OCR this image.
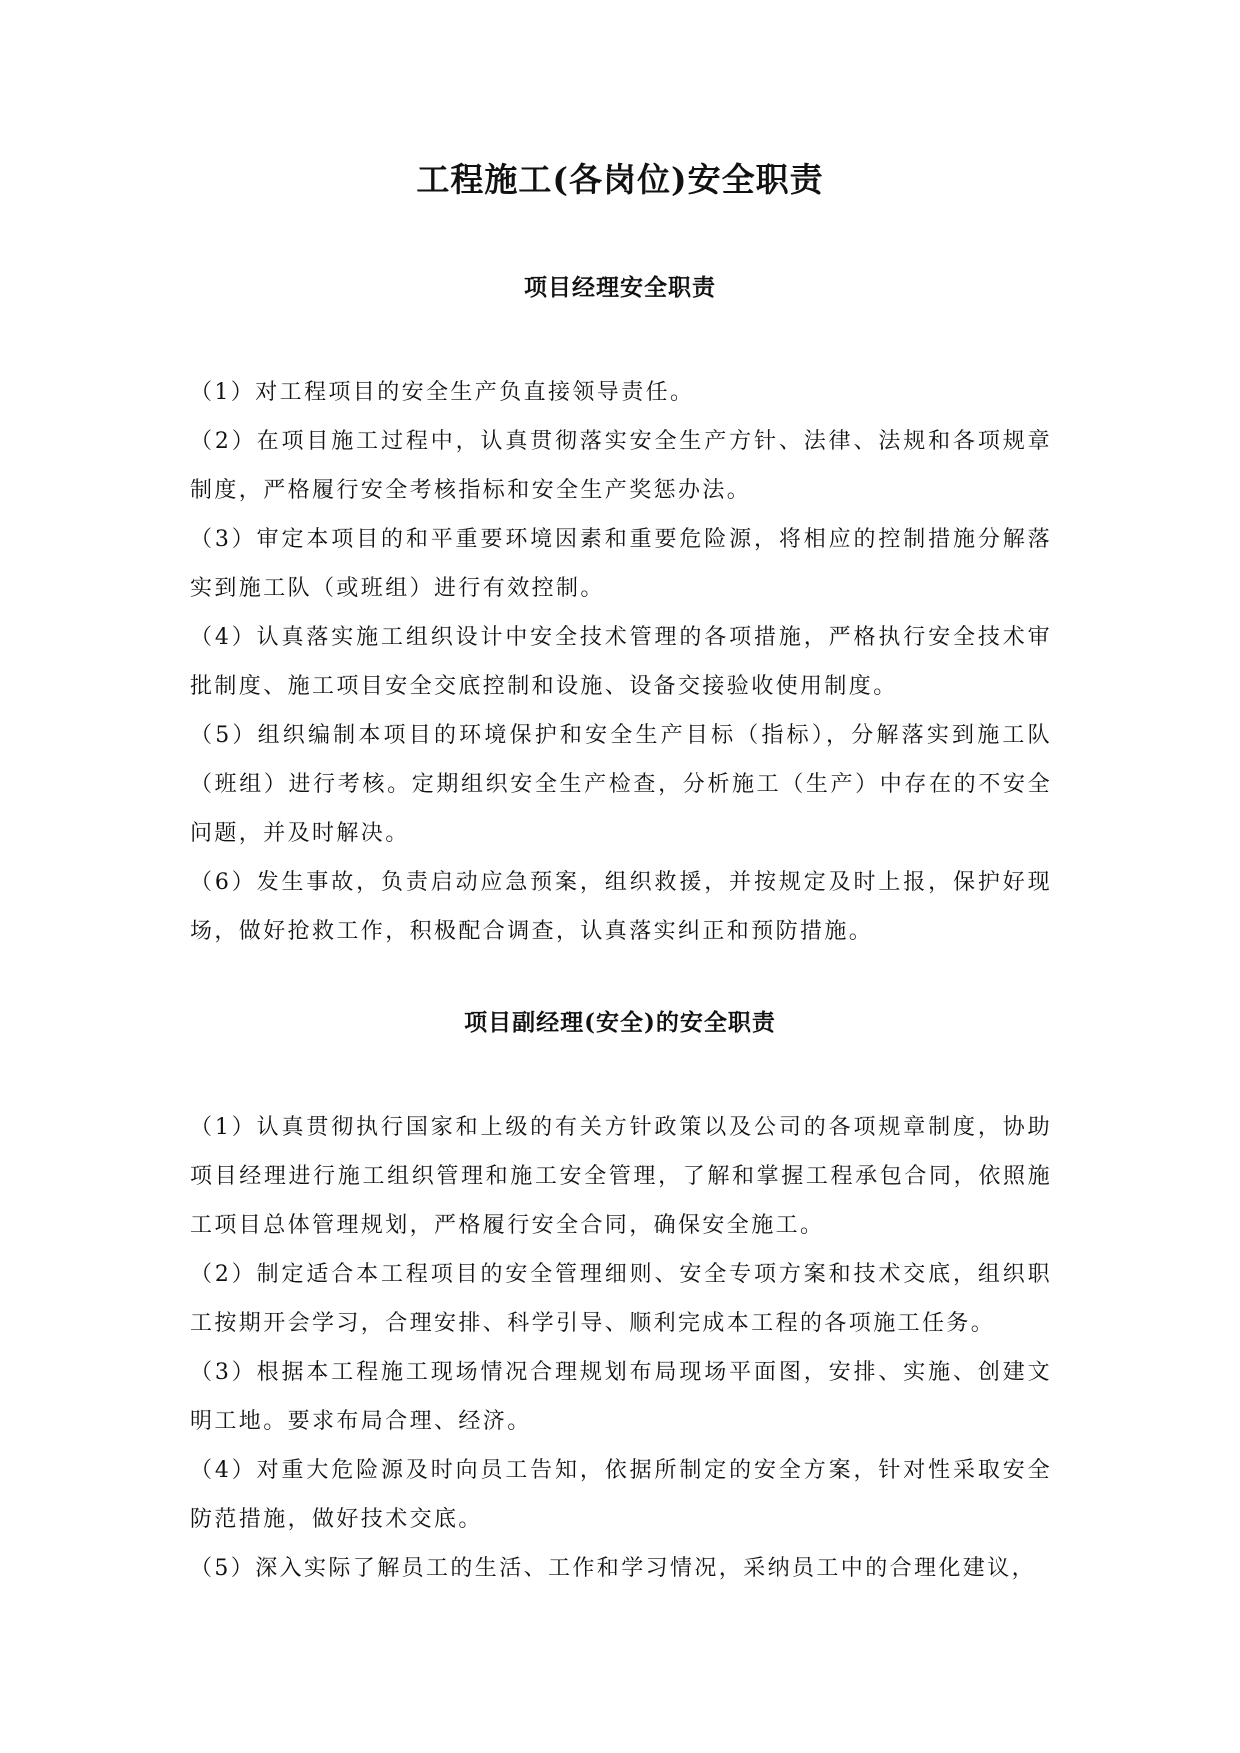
工程施工(各岗位)安全职责
项目经理安全职责

（1）对工程项目的安全生产负直接领导责任。

（2）在项目施工过程中，认真贯彻落实安全生产方针、法律、法规和各项规章制度，严格履行安全考核指标和安全生产奖惩办法。

（3）审定本项目的和平重要环境因素和重要危险源，将相应的控制措施分解落实到施工队（或班组）进行有效控制。

（4）认真落实施工组织设计中安全技术管理的各项措施，严格执行安全技术审批制度、施工项目安全交底控制和设施、设备交接验收使用制度。

（5）组织编制本项目的环境保护和安全生产目标（指标），分解落实到施工队（班组）进行考核。定期组织安全生产检查，分析施工（生产）中存在的不安全问题，并及时解决。

（6）发生事故，负责启动应急预案，组织救援，并按规定及时上报，保护好现场，做好抢救工作，积极配合调查，认真落实纠正和预防措施。

项目副经理(安全)的安全职责

（1）认真贯彻执行国家和上级的有关方针政策以及公司的各项规章制度，协助项目经理进行施工组织管理和施工安全管理，了解和掌握工程承包合同，依照施工项目总体管理规划，严格履行安全合同，确保安全施工。

（2）制定适合本工程项目的安全管理细则、安全专项方案和技术交底，组织职工按期开会学习，合理安排、科学引导、顺利完成本工程的各项施工任务。

（3）根据本工程施工现场情况合理规划布局现场平面图，安排、实施、创建文明工地。要求布局合理、经济。

（4）对重大危险源及时向员工告知，依据所制定的安全方案，针对性采取安全防范措施，做好技术交底。

（5）深入实际了解员工的生活、工作和学习情况，采纳员工中的合理化建议，
